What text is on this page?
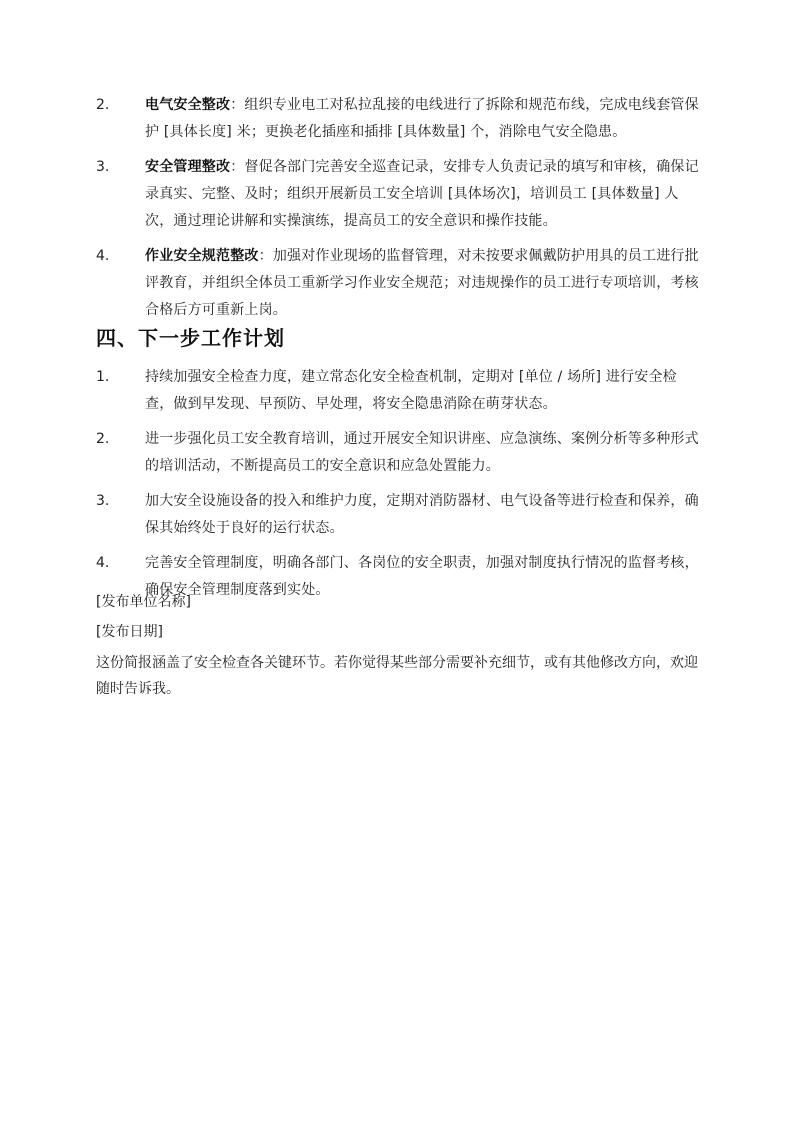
2.	电气安全整改：组织专业电工对私拉乱接的电线进行了拆除和规范布线，完成电线套管保护 [具体长度] 米；更换老化插座和插排 [具体数量] 个，消除电气安全隐患。
3.	安全管理整改：督促各部门完善安全巡查记录，安排专人负责记录的填写和审核，确保记录真实、完整、及时；组织开展新员工安全培训 [具体场次]，培训员工 [具体数量] 人次，通过理论讲解和实操演练，提高员工的安全意识和操作技能。
4.	作业安全规范整改：加强对作业现场的监督管理，对未按要求佩戴防护用具的员工进行批评教育，并组织全体员工重新学习作业安全规范；对违规操作的员工进行专项培训，考核合格后方可重新上岗。
四、下一步工作计划
1.	持续加强安全检查力度，建立常态化安全检查机制，定期对 [单位 / 场所] 进行安全检查，做到早发现、早预防、早处理，将安全隐患消除在萌芽状态。
2.	进一步强化员工安全教育培训，通过开展安全知识讲座、应急演练、案例分析等多种形式的培训活动，不断提高员工的安全意识和应急处置能力。
3.	加大安全设施设备的投入和维护力度，定期对消防器材、电气设备等进行检查和保养，确保其始终处于良好的运行状态。
4.	完善安全管理制度，明确各部门、各岗位的安全职责，加强对制度执行情况的监督考核，确保安全管理制度落到实处。
[发布单位名称]
[发布日期]
这份简报涵盖了安全检查各关键环节。若你觉得某些部分需要补充细节，或有其他修改方向，欢迎随时告诉我。
